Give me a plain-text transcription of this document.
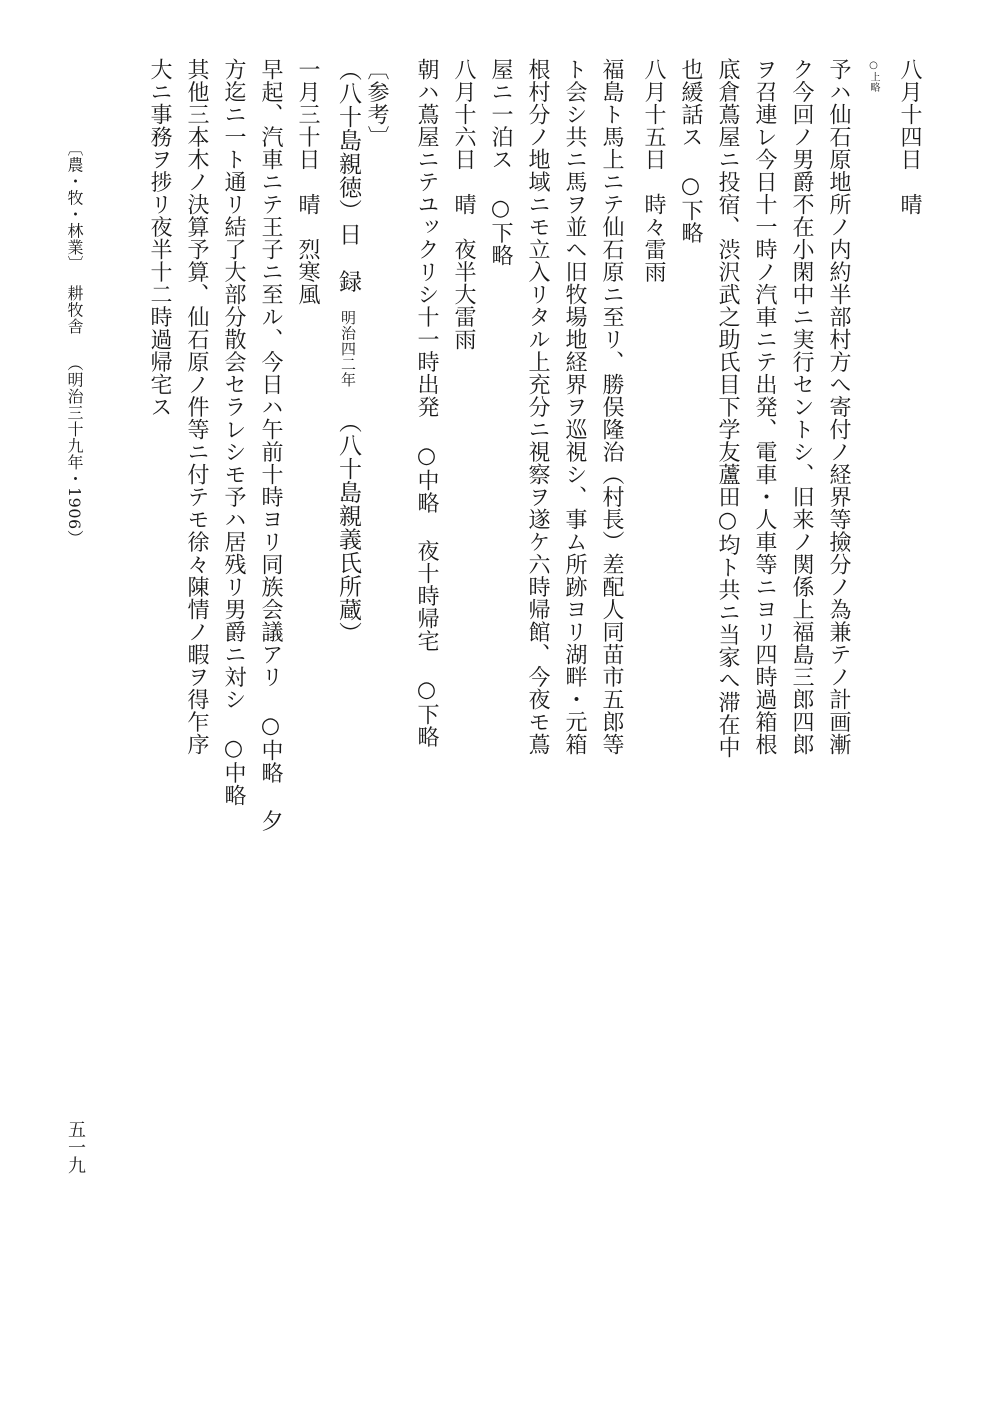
八月十四日　晴
○上略
予ハ仙石原地所ノ内約半部村方へ寄付ノ経界等撿分ノ為兼テノ計画漸
ク今回ノ男爵不在小閑中ニ実行セントシ、旧来ノ関係上福島三郎四郎
ヲ召連レ今日十一時ノ汽車ニテ出発、電車・人車等ニヨリ四時過箱根
底倉蔦屋ニ投宿、渋沢武之助氏目下学友蘆田○均ト共ニ当家へ滞在中
也緩話ス ○下略
八月十五日　時々雷雨
福島ト馬上ニテ仙石原ニ至リ、勝俣隆治（村長）差配人同苗市五郎等
ト会シ共ニ馬ヲ並ヘ旧牧場地経界ヲ巡視シ、事ム所跡ヨリ湖畔・元箱
根村分ノ地域ニモ立入リタル上充分ニ視察ヲ遂ケ六時帰館、今夜モ蔦
屋ニ一泊ス ○下略
八月十六日　晴　夜半大雷雨
朝ハ蔦屋ニテユックリシ十一時出発 ○中略 夜十時帰宅 ○下略
〔参考〕
（八十島親徳）日　録
明治四二年
（八十島親義氏所蔵）
一月三十日　晴　烈寒風
早起、汽車ニテ王子ニ至ル、今日ハ午前十時ヨリ同族会議アリ ○中略 夕
方迄ニ一ト通リ結了大部分散会セラレシモ予ハ居残リ男爵ニ対シ ○中略
其他三本木ノ決算予算、仙石原ノ件等ニ付テモ徐々陳情ノ暇ヲ得乍序
大ニ事務ヲ捗リ夜半十二時過帰宅ス
〔農・牧・林業〕
耕牧舎
（明治三十九年・1906）
五一九
